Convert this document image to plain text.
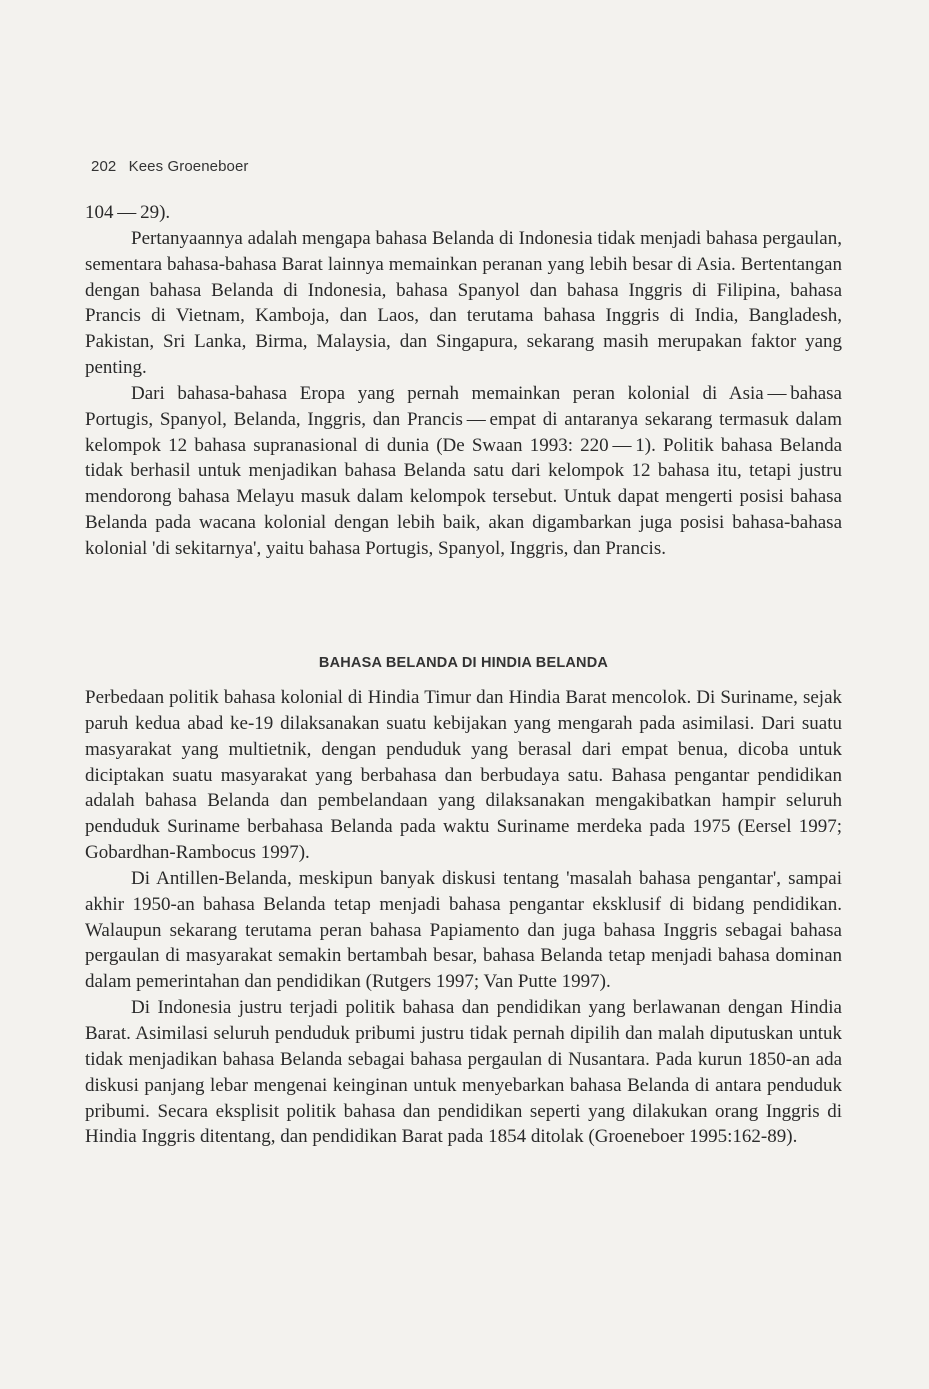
202 Kees Groeneboer

104 — 29).

Pertanyaannya adalah mengapa bahasa Belanda di Indonesia tidak menjadi bahasa pergaulan, sementara bahasa-bahasa Barat lainnya memainkan peranan yang lebih besar di Asia. Bertentangan dengan bahasa Belanda di Indonesia, bahasa Spanyol dan bahasa Inggris di Filipina, bahasa Prancis di Vietnam, Kamboja, dan Laos, dan terutama bahasa Inggris di India, Bangladesh, Pakistan, Sri Lanka, Birma, Malaysia, dan Singapura, sekarang masih merupakan faktor yang penting.

Dari bahasa-bahasa Eropa yang pernah memainkan peran kolonial di Asia — bahasa Portugis, Spanyol, Belanda, Inggris, dan Prancis — empat di antaranya sekarang termasuk dalam kelompok 12 bahasa supranasional di dunia (De Swaan 1993: 220 — 1). Politik bahasa Belanda tidak berhasil untuk menjadikan bahasa Belanda satu dari kelompok 12 bahasa itu, tetapi justru mendorong bahasa Melayu masuk dalam kelompok tersebut. Untuk dapat mengerti posisi bahasa Belanda pada wacana kolonial dengan lebih baik, akan digambarkan juga posisi bahasa-bahasa kolonial 'di sekitarnya', yaitu bahasa Portugis, Spanyol, Inggris, dan Prancis.

BAHASA BELANDA DI HINDIA BELANDA

Perbedaan politik bahasa kolonial di Hindia Timur dan Hindia Barat mencolok. Di Suriname, sejak paruh kedua abad ke-19 dilaksanakan suatu kebijakan yang mengarah pada asimilasi. Dari suatu masyarakat yang multietnik, dengan penduduk yang berasal dari empat benua, dicoba untuk diciptakan suatu masyarakat yang berbahasa dan berbudaya satu. Bahasa pengantar pendidikan adalah bahasa Belanda dan pembelandaan yang dilaksanakan mengakibatkan hampir seluruh penduduk Suriname berbahasa Belanda pada waktu Suriname merdeka pada 1975 (Eersel 1997; Gobardhan-Rambocus 1997).

Di Antillen-Belanda, meskipun banyak diskusi tentang 'masalah bahasa pengantar', sampai akhir 1950-an bahasa Belanda tetap menjadi bahasa pengantar eksklusif di bidang pendidikan. Walaupun sekarang terutama peran bahasa Papiamento dan juga bahasa Inggris sebagai bahasa pergaulan di masyarakat semakin bertambah besar, bahasa Belanda tetap menjadi bahasa dominan dalam pemerintahan dan pendidikan (Rutgers 1997; Van Putte 1997).

Di Indonesia justru terjadi politik bahasa dan pendidikan yang berlawanan dengan Hindia Barat. Asimilasi seluruh penduduk pribumi justru tidak pernah dipilih dan malah diputuskan untuk tidak menjadikan bahasa Belanda sebagai bahasa pergaulan di Nusantara. Pada kurun 1850-an ada diskusi panjang lebar mengenai keinginan untuk menyebarkan bahasa Belanda di antara penduduk pribumi. Secara eksplisit politik bahasa dan pendidikan seperti yang dilakukan orang Inggris di Hindia Inggris ditentang, dan pendidikan Barat pada 1854 ditolak (Groeneboer 1995:162-89).
